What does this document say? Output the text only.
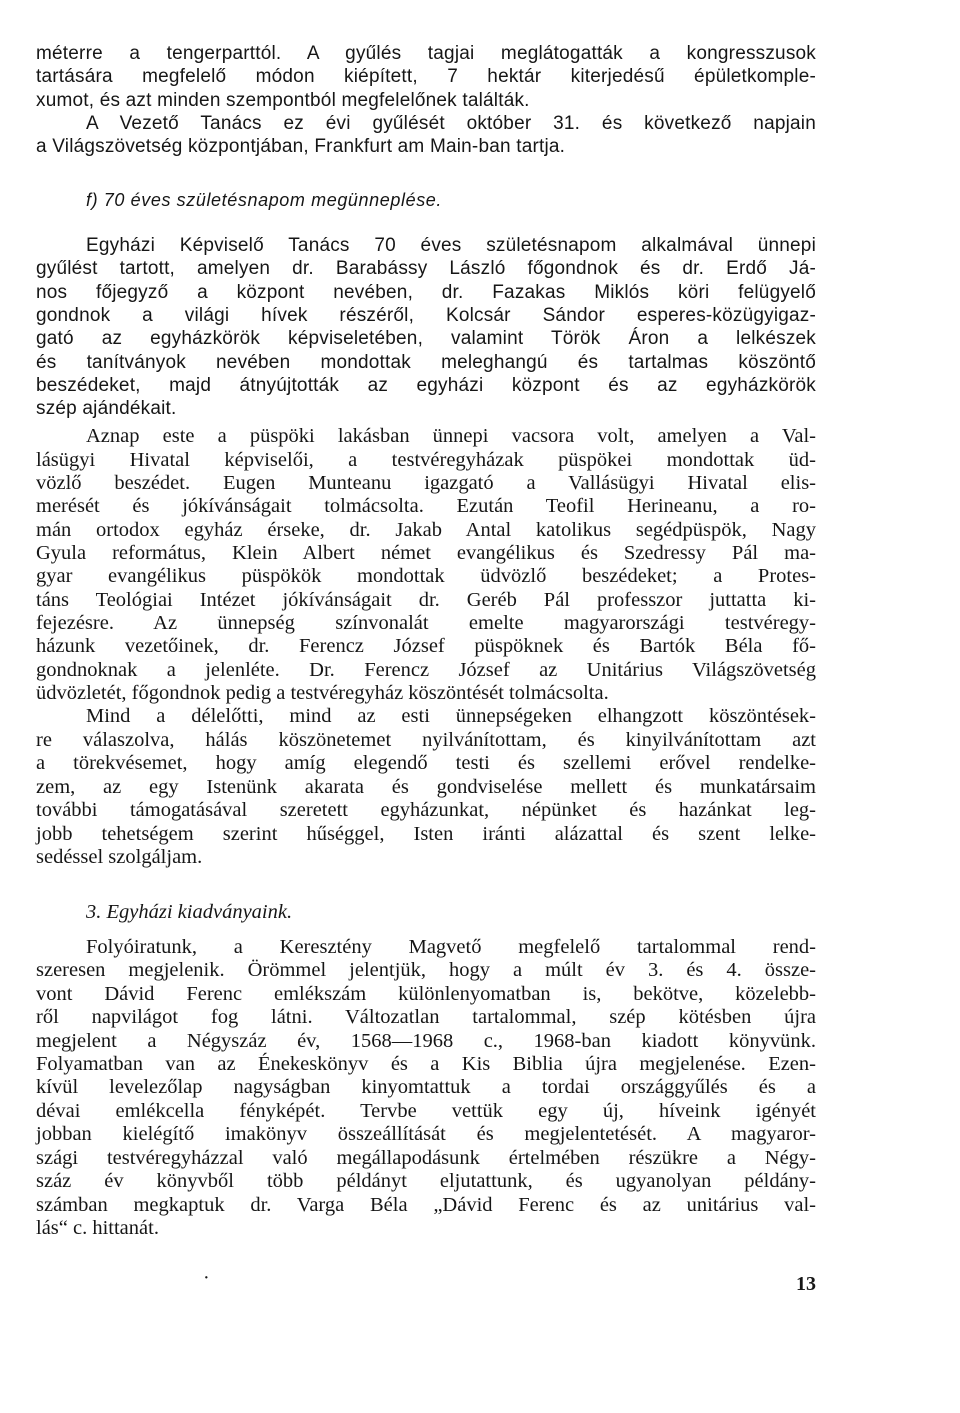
méterre a tengerparttól. A gyűlés tagjai meglátogatták a kongresszusok
tartására megfelelő módon kiépített, 7 hektár kiterjedésű épületkomple-
xumot, és azt minden szempontból megfelelőnek találták.
A Vezető Tanács ez évi gyűlését október 31. és következő napjain
a Világszövetség központjában, Frankfurt am Main-ban tartja.
f) 70 éves születésnapom megünneplése.
Egyházi Képviselő Tanács 70 éves születésnapom alkalmával ünnepi
gyűlést tartott, amelyen dr. Barabássy László főgondnok és dr. Erdő Já-
nos főjegyző a központ nevében, dr. Fazakas Miklós köri felügyelő
gondnok a világi hívek részéről, Kolcsár Sándor esperes-közügyigaz-
gató az egyházkörök képviseletében, valamint Török Áron a lelkészek
és tanítványok nevében mondottak meleghangú és tartalmas köszöntő
beszédeket, majd átnyújtották az egyházi központ és az egyházkörök
szép ajándékait.
Aznap este a püspöki lakásban ünnepi vacsora volt, amelyen a Val-
lásügyi Hivatal képviselői, a testvéregyházak püspökei mondottak üd-
vözlő beszédet. Eugen Munteanu igazgató a Vallásügyi Hivatal elis-
merését és jókívánságait tolmácsolta. Ezután Teofil Herineanu, a ro-
mán ortodox egyház érseke, dr. Jakab Antal katolikus segédpüspök, Nagy
Gyula református, Klein Albert német evangélikus és Szedressy Pál ma-
gyar evangélikus püspökök mondottak üdvözlő beszédeket; a Protes-
táns Teológiai Intézet jókívánságait dr. Geréb Pál professzor juttatta ki-
fejezésre. Az ünnepség színvonalát emelte magyarországi testvéregy-
házunk vezetőinek, dr. Ferencz József püspöknek és Bartók Béla fő-
gondnoknak a jelenléte. Dr. Ferencz József az Unitárius Világszövetség
üdvözletét, főgondnok pedig a testvéregyház köszöntését tolmácsolta.
Mind a délelőtti, mind az esti ünnepségeken elhangzott köszöntések-
re válaszolva, hálás köszönetemet nyilvánítottam, és kinyilvánítottam azt
a törekvésemet, hogy amíg elegendő testi és szellemi erővel rendelke-
zem, az egy Istenünk akarata és gondviselése mellett és munkatársaim
további támogatásával szeretett egyházunkat, népünket és hazánkat leg-
jobb tehetségem szerint hűséggel, Isten iránti alázattal és szent lelke-
sedéssel szolgáljam.
3. Egyházi kiadványaink.
Folyóiratunk, a Keresztény Magvető megfelelő tartalommal rend-
szeresen megjelenik. Örömmel jelentjük, hogy a múlt év 3. és 4. össze-
vont Dávid Ferenc emlékszám különlenyomatban is, bekötve, közelebb-
ről napvilágot fog látni. Változatlan tartalommal, szép kötésben újra
megjelent a Négyszáz év, 1568—1968 c., 1968-ban kiadott könyvünk.
Folyamatban van az Énekeskönyv és a Kis Biblia újra megjelenése. Ezen-
kívül levelezőlap nagyságban kinyomtattuk a tordai országgyűlés és a
dévai emlékcella fényképét. Tervbe vettük egy új, híveink igényét
jobban kielégítő imakönyv összeállítását és megjelentetését. A magyaror-
szági testvéregyházzal való megállapodásunk értelmében részükre a Négy-
száz év könyvből több példányt eljutattunk, és ugyanolyan példány-
számban megkaptuk dr. Varga Béla „Dávid Ferenc és az unitárius val-
lás“ c. hittanát.
13
·
